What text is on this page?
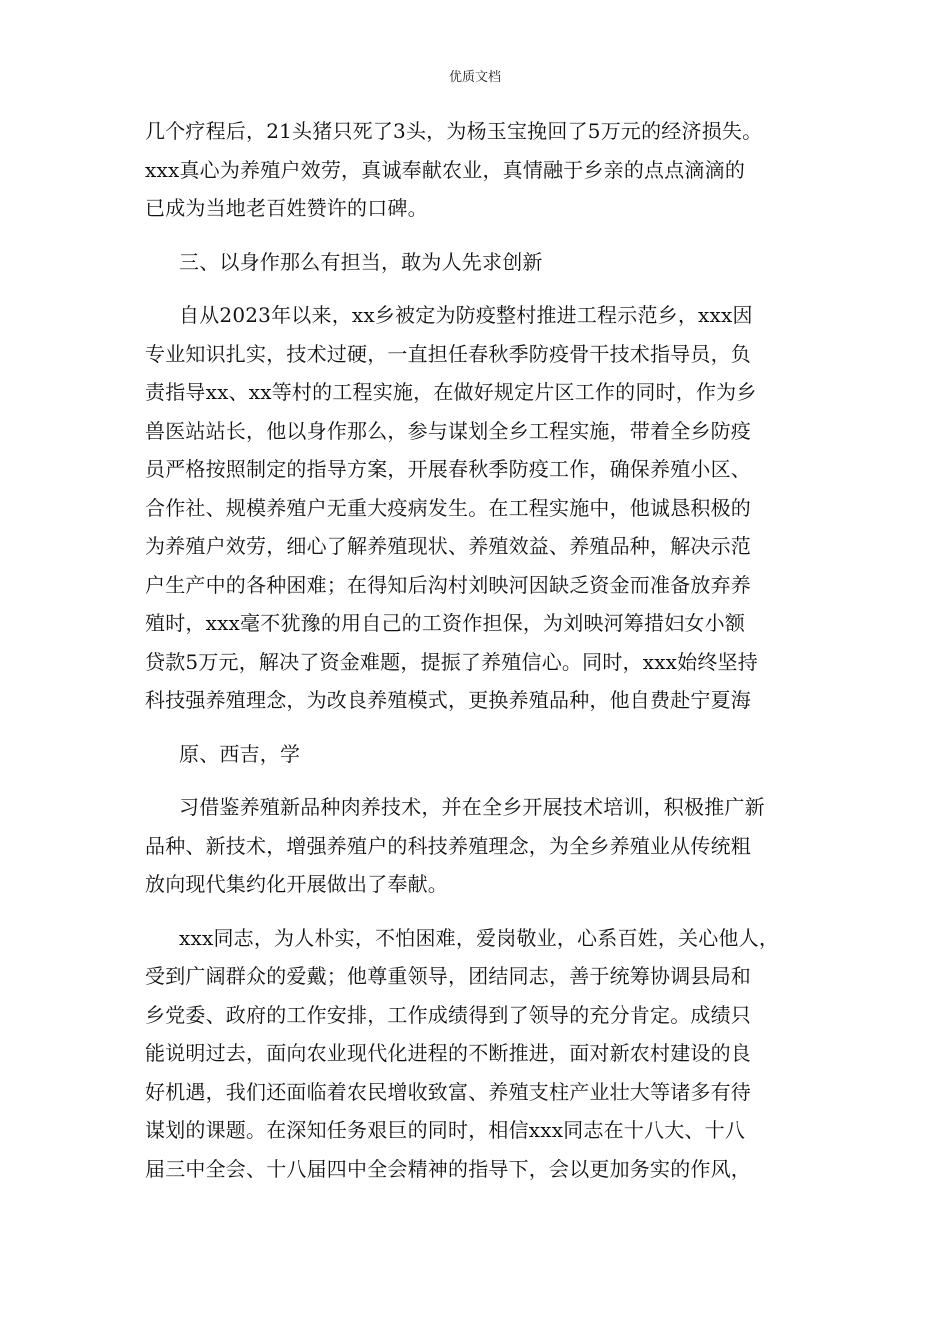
优质文档
几个疗程后，21头猪只死了3头，为杨玉宝挽回了5万元的经济损失。
xxx真心为养殖户效劳，真诚奉献农业，真情融于乡亲的点点滴滴的
已成为当地老百姓赞许的口碑。
三、以身作那么有担当，敢为人先求创新
自从2023年以来，xx乡被定为防疫整村推进工程示范乡，xxx因
专业知识扎实，技术过硬，一直担任春秋季防疫骨干技术指导员，负
责指导xx、xx等村的工程实施，在做好规定片区工作的同时，作为乡
兽医站站长，他以身作那么，参与谋划全乡工程实施，带着全乡防疫
员严格按照制定的指导方案，开展春秋季防疫工作，确保养殖小区、
合作社、规模养殖户无重大疫病发生。在工程实施中，他诚恳积极的
为养殖户效劳，细心了解养殖现状、养殖效益、养殖品种，解决示范
户生产中的各种困难；在得知后沟村刘映河因缺乏资金而准备放弃养
殖时，xxx毫不犹豫的用自己的工资作担保，为刘映河筹措妇女小额
贷款5万元，解决了资金难题，提振了养殖信心。同时，xxx始终坚持
科技强养殖理念，为改良养殖模式，更换养殖品种，他自费赴宁夏海
原、西吉，学
习借鉴养殖新品种肉养技术，并在全乡开展技术培训，积极推广新
品种、新技术，增强养殖户的科技养殖理念，为全乡养殖业从传统粗
放向现代集约化开展做出了奉献。
xxx同志，为人朴实，不怕困难，爱岗敬业，心系百姓，关心他人，
受到广阔群众的爱戴；他尊重领导，团结同志，善于统筹协调县局和
乡党委、政府的工作安排，工作成绩得到了领导的充分肯定。成绩只
能说明过去，面向农业现代化进程的不断推进，面对新农村建设的良
好机遇，我们还面临着农民增收致富、养殖支柱产业壮大等诸多有待
谋划的课题。在深知任务艰巨的同时，相信xxx同志在十八大、十八
届三中全会、十八届四中全会精神的指导下，会以更加务实的作风，
